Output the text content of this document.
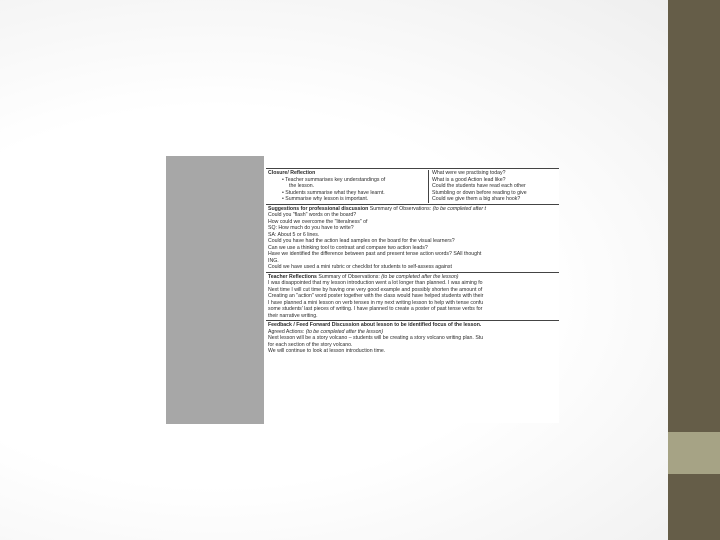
Closure/ Reflection
• Teacher summarises key understandings of
the lesson.
• Students summarise what they have learnt.
• Summarise why lesson is important.
What were we practising today?
What is a good Action lead like?
Could the students have read each other
Stumbling or down before reading to give
Could we give them a big share hook?
Suggestions for professional discussion Summary of Observations: (to be completed after t
Could you "flash" words on the board?
How could we overcome the "literalness" of
SQ: How much do you have to write?
SA: About 5 or 6 lines.
Could you have had the action lead samples on the board for the visual learners?
Can we use a thinking tool to contrast and compare two action leads?
Have we identified the difference between past and present tense action words? SAll thought
ING.
Could we have used a mini rubric or checklist for students to self-assess against
Teacher Reflections Summary of Observations: (to be completed after the lesson)
I was disappointed that my lesson introduction went a lot longer than planned. I was aiming fo
Next time I will cut time by having one very good example and possibly shorten the amount of
Creating an "action" word poster together with the class would have helped students with their
I have planned a mini lesson on verb tenses in my next writing lesson to help with tense confu
some students' last pieces of writing. I have planned to create a poster of past tense verbs for
their narrative writing.
Feedback / Feed Forward Discussion about lesson to be identified focus of the lesson.
Agreed Actions: (to be completed after the lesson)
Next lesson will be a story volcano – students will be creating a story volcano writing plan. Stu
for each section of the story volcano.
We will continue to look at lesson introduction time.
